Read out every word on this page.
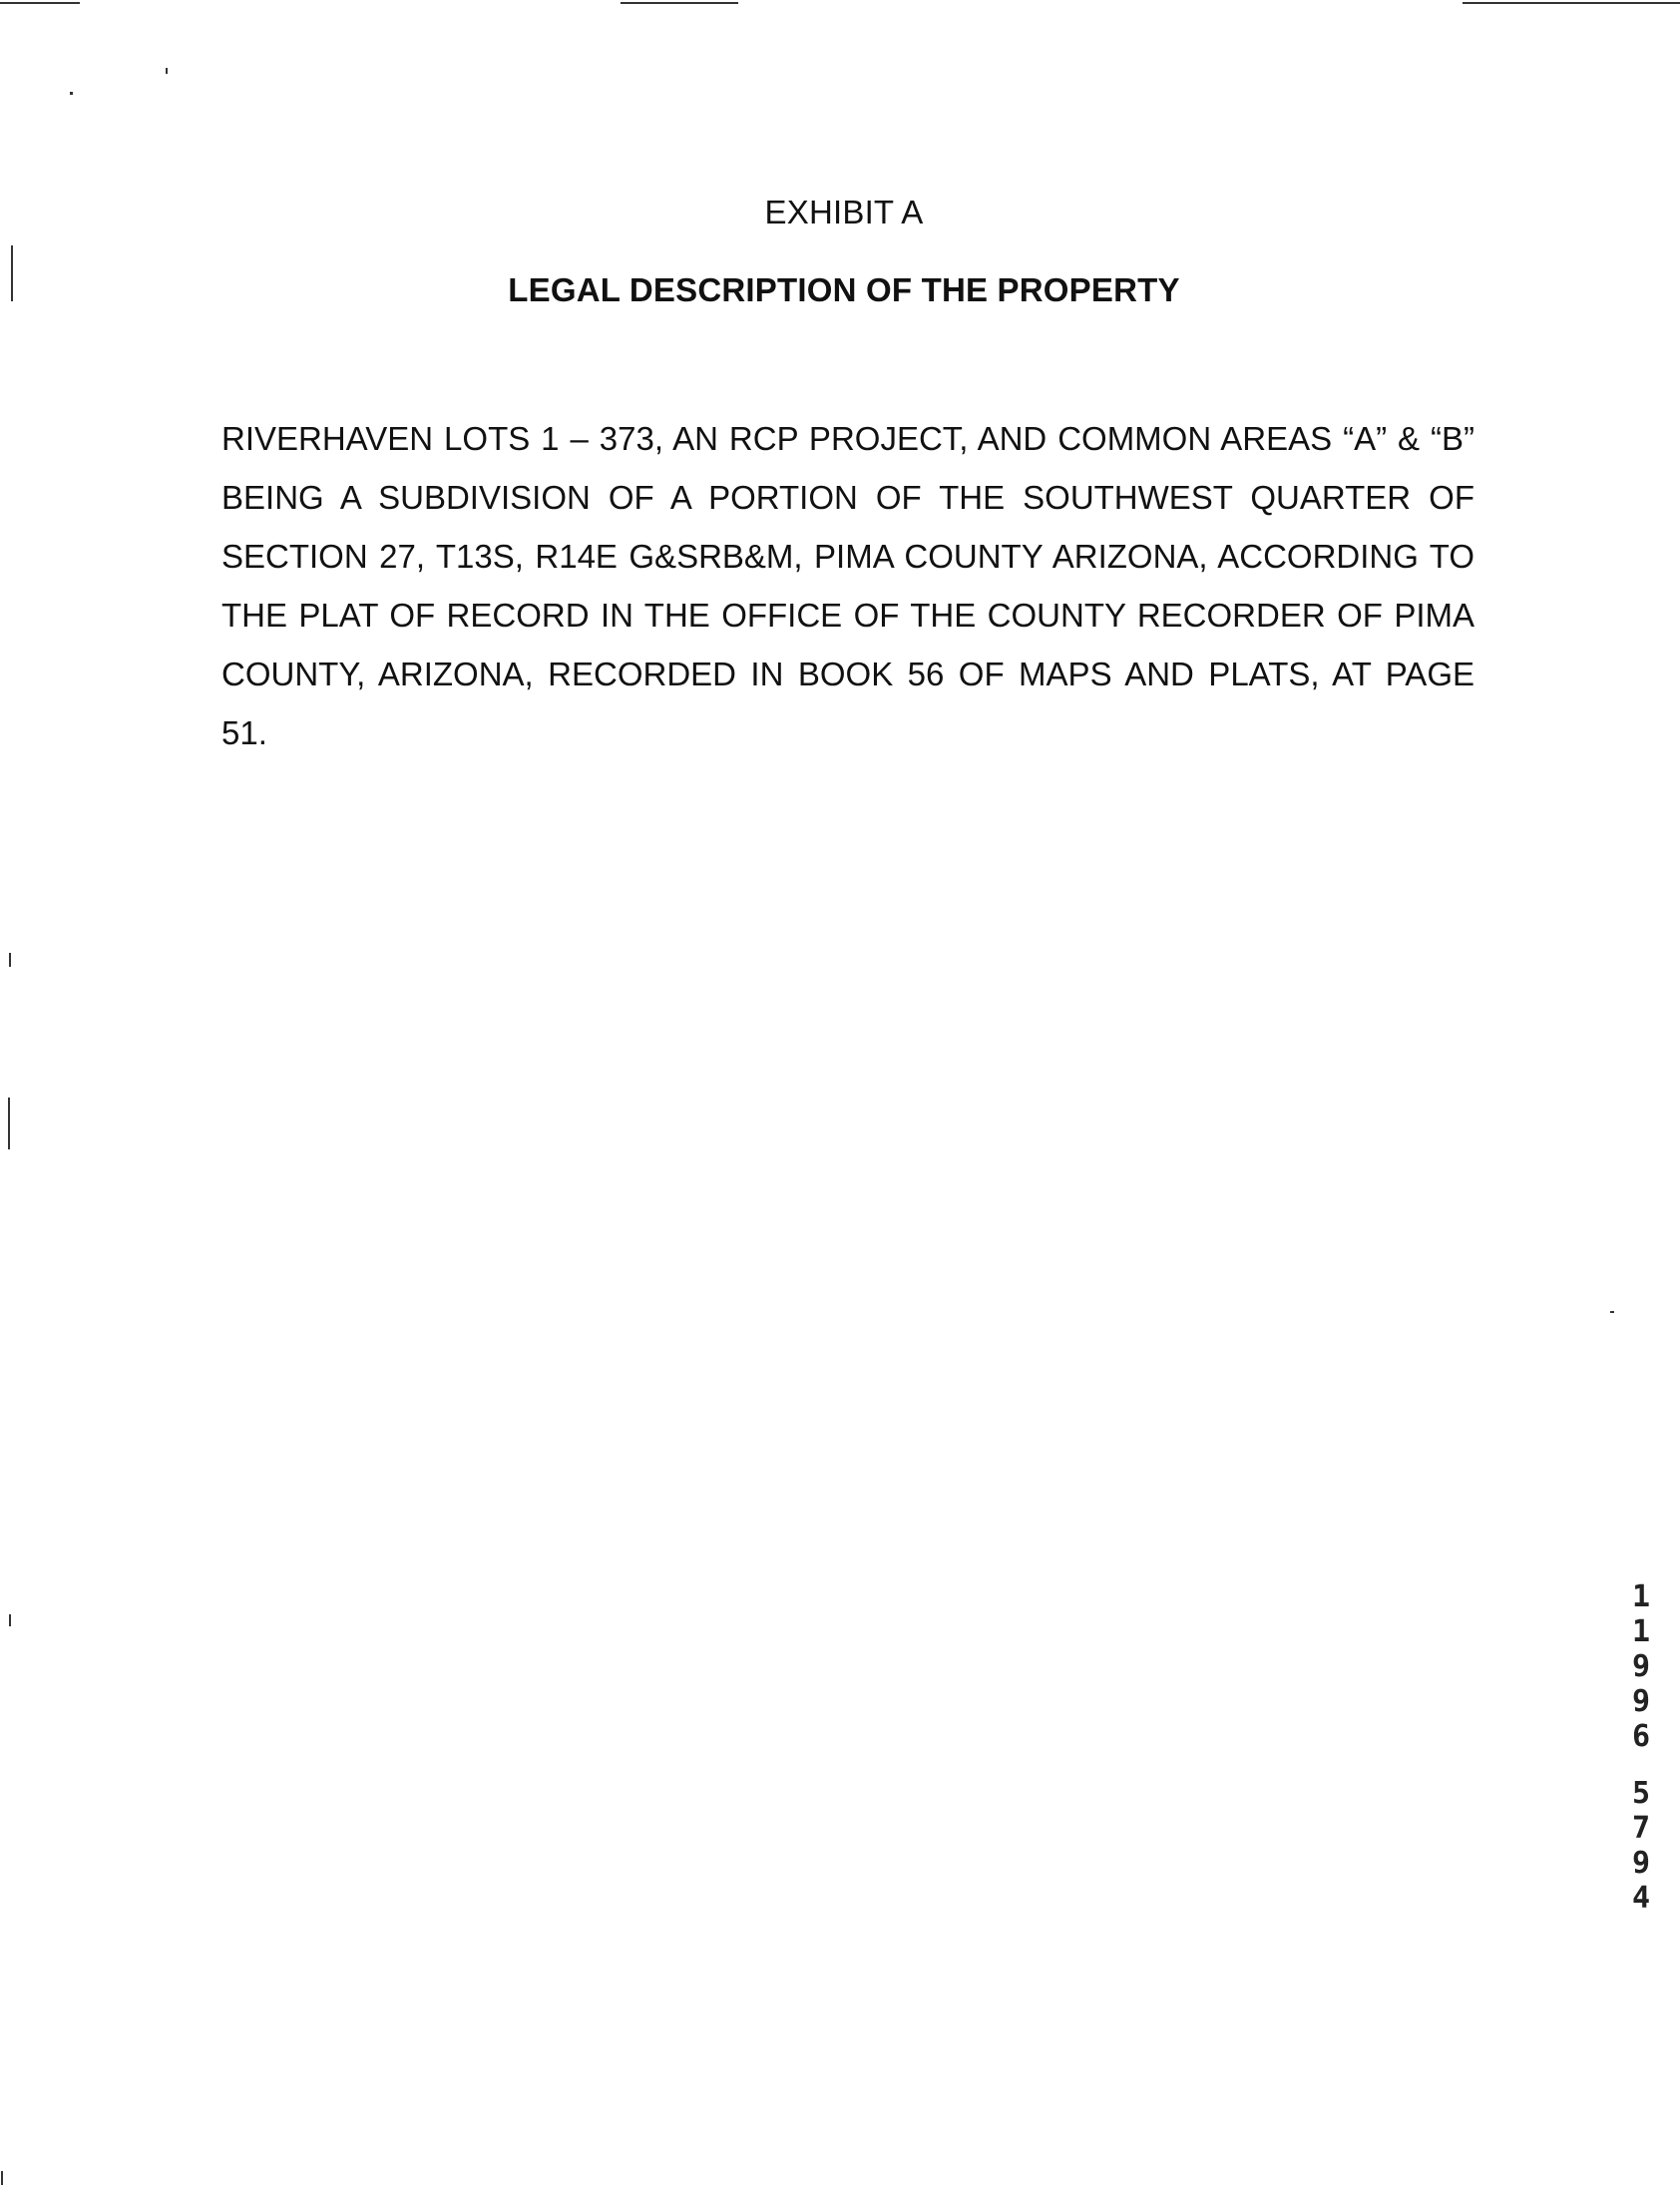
EXHIBIT A
LEGAL DESCRIPTION OF THE PROPERTY
RIVERHAVEN LOTS 1 – 373, AN RCP PROJECT, AND COMMON AREAS “A” & “B”
BEING A SUBDIVISION OF A PORTION OF THE SOUTHWEST QUARTER OF
SECTION 27, T13S, R14E G&SRB&M, PIMA COUNTY ARIZONA, ACCORDING TO
THE PLAT OF RECORD IN THE OFFICE OF THE COUNTY RECORDER OF PIMA
COUNTY, ARIZONA, RECORDED IN BOOK 56 OF MAPS AND PLATS, AT PAGE
51.
1
1
9
9
6
5
7
9
4
